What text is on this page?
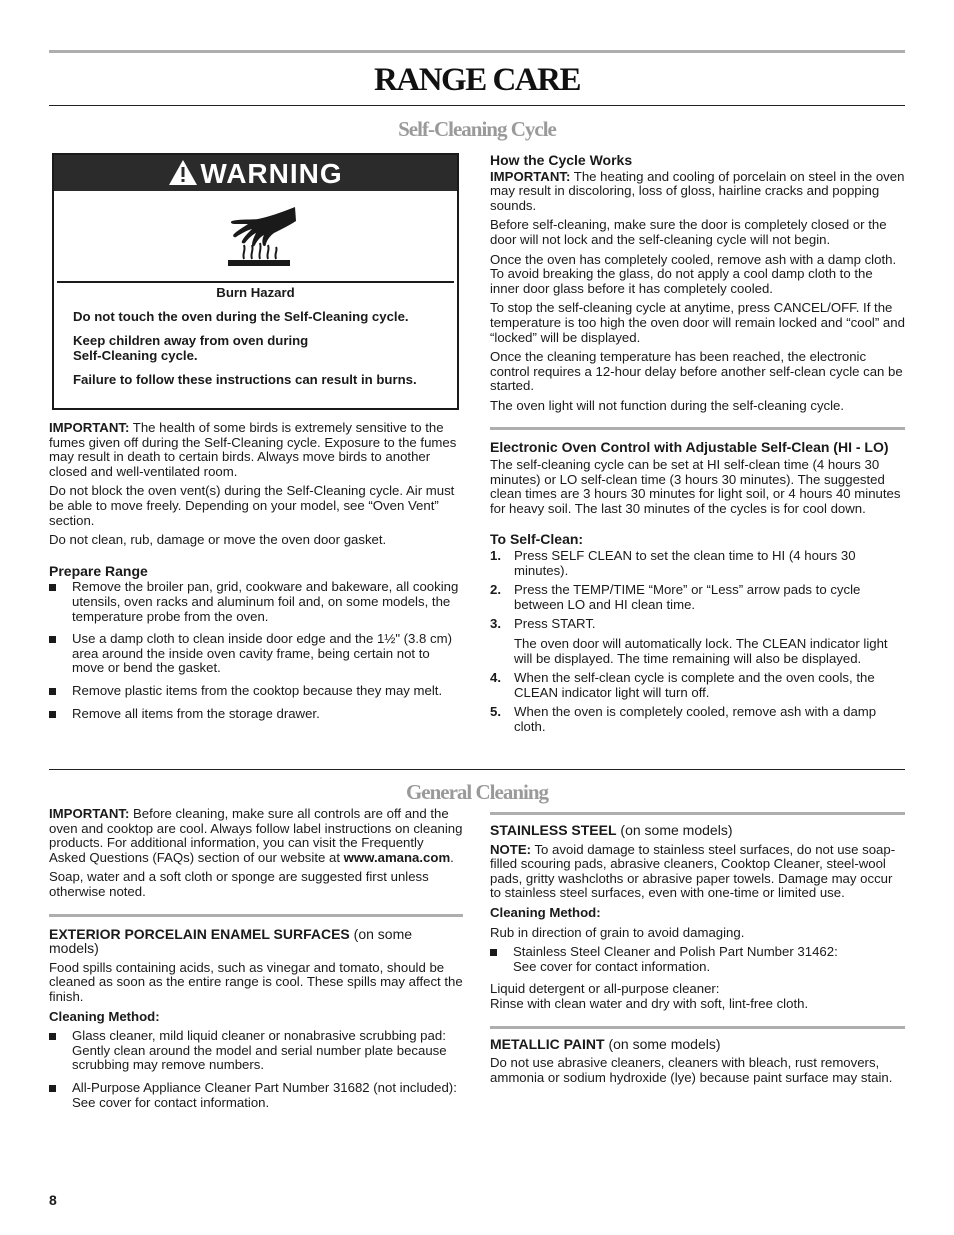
RANGE CARE
Self-Cleaning Cycle
WARNING

Burn Hazard

Do not touch the oven during the Self-Cleaning cycle.

Keep children away from oven during
Self-Cleaning cycle.

Failure to follow these instructions can result in burns.

IMPORTANT: The health of some birds is extremely sensitive to the fumes given off during the Self-Cleaning cycle. Exposure to the fumes may result in death to certain birds. Always move birds to another closed and well-ventilated room.

Do not block the oven vent(s) during the Self-Cleaning cycle. Air must be able to move freely. Depending on your model, see “Oven Vent” section.

Do not clean, rub, damage or move the oven door gasket.

Prepare Range
Remove the broiler pan, grid, cookware and bakeware, all cooking utensils, oven racks and aluminum foil and, on some models, the temperature probe from the oven.
Use a damp cloth to clean inside door edge and the 1½" (3.8 cm) area around the inside oven cavity frame, being certain not to move or bend the gasket.
Remove plastic items from the cooktop because they may melt.
Remove all items from the storage drawer.
How the Cycle Works

IMPORTANT: The heating and cooling of porcelain on steel in the oven may result in discoloring, loss of gloss, hairline cracks and popping sounds.

Before self-cleaning, make sure the door is completely closed or the door will not lock and the self-cleaning cycle will not begin.

Once the oven has completely cooled, remove ash with a damp cloth. To avoid breaking the glass, do not apply a cool damp cloth to the inner door glass before it has completely cooled.

To stop the self-cleaning cycle at anytime, press CANCEL/OFF. If the temperature is too high the oven door will remain locked and “cool” and “locked” will be displayed.

Once the cleaning temperature has been reached, the electronic control requires a 12-hour delay before another self-clean cycle can be started.

The oven light will not function during the self-cleaning cycle.

Electronic Oven Control with Adjustable Self-Clean (HI - LO)

The self-cleaning cycle can be set at HI self-clean time (4 hours 30 minutes) or LO self-clean time (3 hours 30 minutes). The suggested clean times are 3 hours 30 minutes for light soil, or 4 hours 40 minutes for heavy soil. The last 30 minutes of the cycles is for cool down.

To Self-Clean:
1. Press SELF CLEAN to set the clean time to HI (4 hours 30 minutes).
2. Press the TEMP/TIME “More” or “Less” arrow pads to cycle between LO and HI clean time.
3. Press START.
The oven door will automatically lock. The CLEAN indicator light will be displayed. The time remaining will also be displayed.
4. When the self-clean cycle is complete and the oven cools, the CLEAN indicator light will turn off.
5. When the oven is completely cooled, remove ash with a damp cloth.
General Cleaning

IMPORTANT: Before cleaning, make sure all controls are off and the oven and cooktop are cool. Always follow label instructions on cleaning products. For additional information, you can visit the Frequently Asked Questions (FAQs) section of our website at www.amana.com.

Soap, water and a soft cloth or sponge are suggested first unless otherwise noted.

EXTERIOR PORCELAIN ENAMEL SURFACES (on some models)

Food spills containing acids, such as vinegar and tomato, should be cleaned as soon as the entire range is cool. These spills may affect the finish.

Cleaning Method:

Glass cleaner, mild liquid cleaner or nonabrasive scrubbing pad:
Gently clean around the model and serial number plate because scrubbing may remove numbers.
All-Purpose Appliance Cleaner Part Number 31682 (not included):
See cover for contact information.
STAINLESS STEEL (on some models)

NOTE: To avoid damage to stainless steel surfaces, do not use soap-filled scouring pads, abrasive cleaners, Cooktop Cleaner, steel-wool pads, gritty washcloths or abrasive paper towels. Damage may occur to stainless steel surfaces, even with one-time or limited use.

Cleaning Method:

Rub in direction of grain to avoid damaging.

Stainless Steel Cleaner and Polish Part Number 31462:
See cover for contact information.

Liquid detergent or all-purpose cleaner:
Rinse with clean water and dry with soft, lint-free cloth.

METALLIC PAINT (on some models)

Do not use abrasive cleaners, cleaners with bleach, rust removers, ammonia or sodium hydroxide (lye) because paint surface may stain.

8
